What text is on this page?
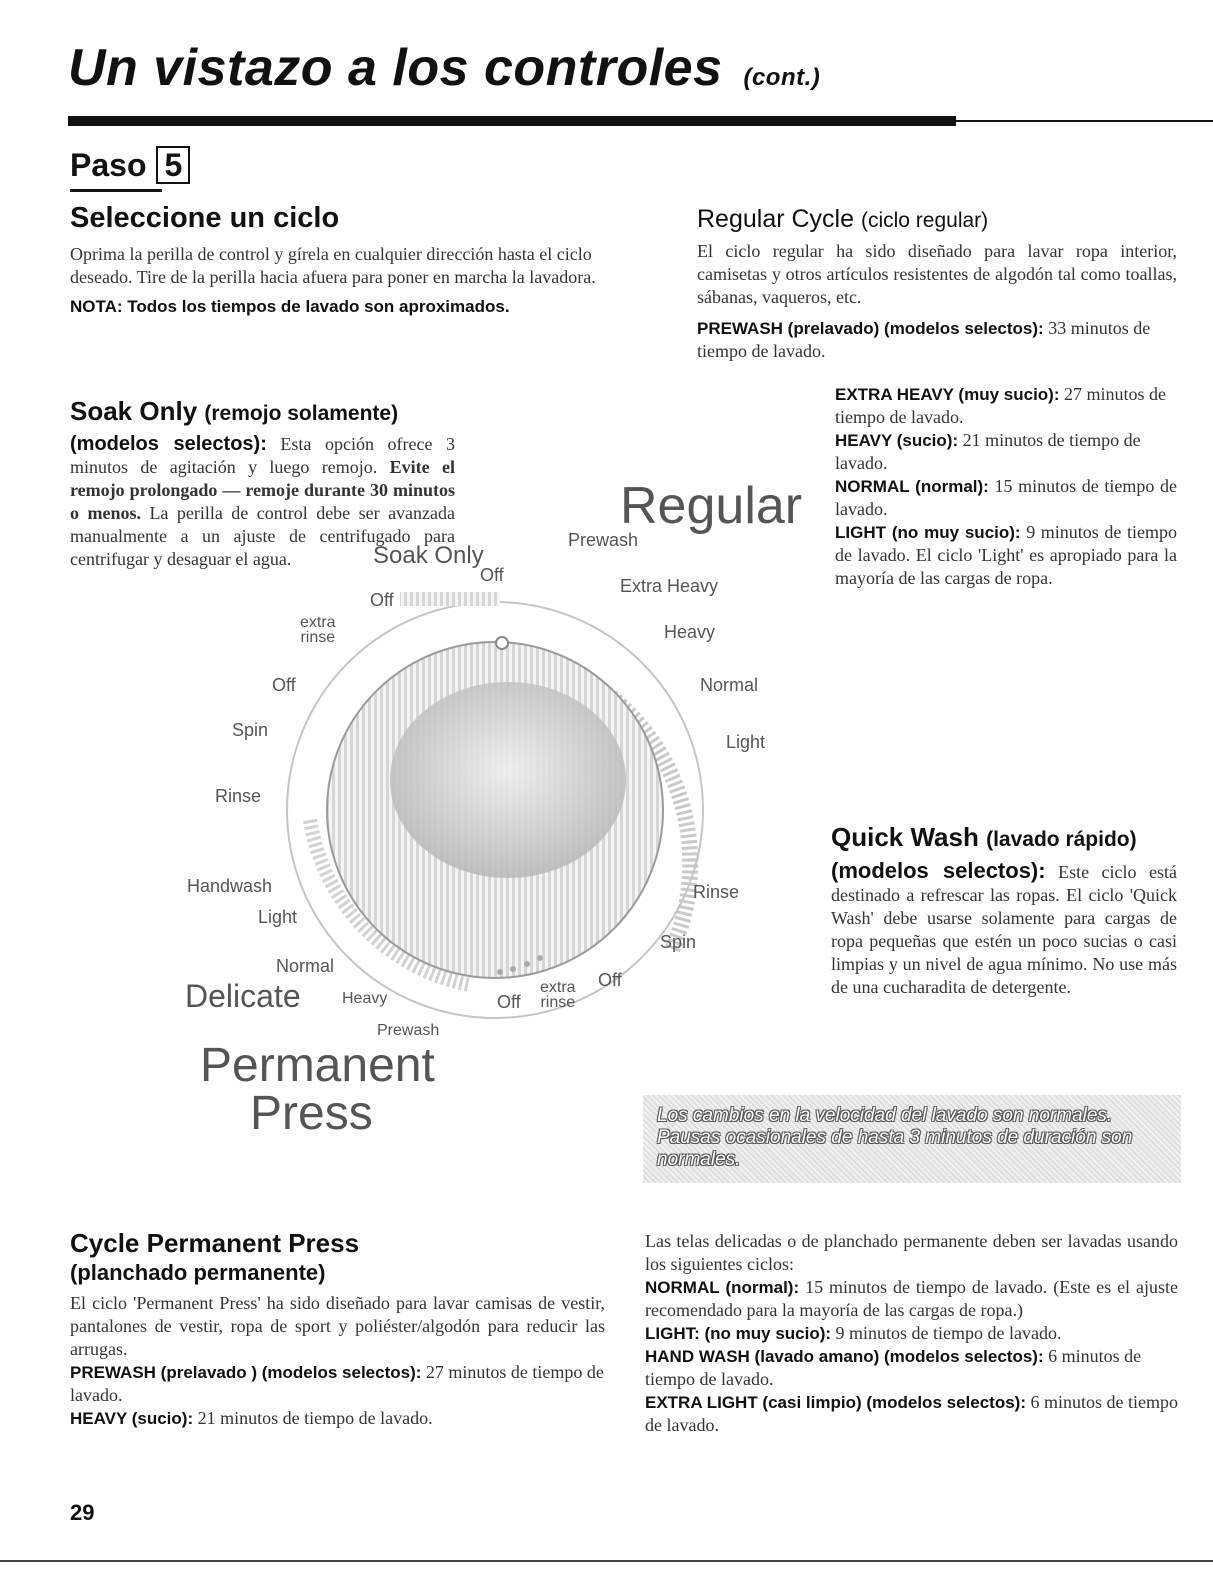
Un vistazo a los controles (cont.)
Paso 5
Seleccione un ciclo

Oprima la perilla de control y gírela en cualquier dirección hasta el ciclo deseado. Tire de la perilla hacia afuera para poner en marcha la lavadora.

NOTA: Todos los tiempos de lavado son aproximados.

Soak Only (remojo solamente)

(modelos selectos): Esta opción ofrece 3 minutos de agitación y luego remojo. Evite el remojo prolongado — remoje durante 30 minutos o menos. La perilla de control debe ser avanzada manualmente a un ajuste de centrifugado para centrifugar y desaguar el agua.

Regular Cycle (ciclo regular)

El ciclo regular ha sido diseñado para lavar ropa interior, camisetas y otros artículos resistentes de algodón tal como toallas, sábanas, vaqueros, etc.

PREWASH (prelavado) (modelos selectos): 33 minutos de tiempo de lavado.

EXTRA HEAVY (muy sucio): 27 minutos de tiempo de lavado.

HEAVY (sucio): 21 minutos de tiempo de lavado.

NORMAL (normal): 15 minutos de tiempo de lavado.

LIGHT (no muy sucio): 9 minutos de tiempo de lavado. El ciclo 'Light' es apropiado para la mayoría de las cargas de ropa.

Regular
Prewash
Extra Heavy
Heavy
Normal
Light
Rinse
Spin
Off
extra
rinse
Off
Soak Only
Off
Off
extra
rinse
Off
Spin
Rinse
Handwash
Light
Normal
Delicate	Heavy
Prewash
Permanent
Press
Quick Wash (lavado rápido)

(modelos selectos): Este ciclo está destinado a refrescar las ropas. El ciclo 'Quick Wash' debe usarse solamente para cargas de ropa pequeñas que estén un poco sucias o casi limpias y un nivel de agua mínimo. No use más de una cucharadita de detergente.

Los cambios en la velocidad del lavado son normales. Pausas ocasionales de hasta 3 minutos de duración son normales.
Cycle Permanent Press
(planchado permanente)

El ciclo 'Permanent Press' ha sido diseñado para lavar camisas de vestir, pantalones de vestir, ropa de sport y poliéster/algodón para reducir las arrugas.

PREWASH (prelavado ) (modelos selectos): 27 minutos de tiempo de lavado.

HEAVY (sucio): 21 minutos de tiempo de lavado.

Las telas delicadas o de planchado permanente deben ser lavadas usando los siguientes ciclos:

NORMAL (normal): 15 minutos de tiempo de lavado. (Este es el ajuste recomendado para la mayoría de las cargas de ropa.)

LIGHT: (no muy sucio): 9 minutos de tiempo de lavado.

HAND WASH (lavado amano) (modelos selectos): 6 minutos de tiempo de lavado.

EXTRA LIGHT (casi limpio) (modelos selectos): 6 minutos de tiempo de lavado.

29
